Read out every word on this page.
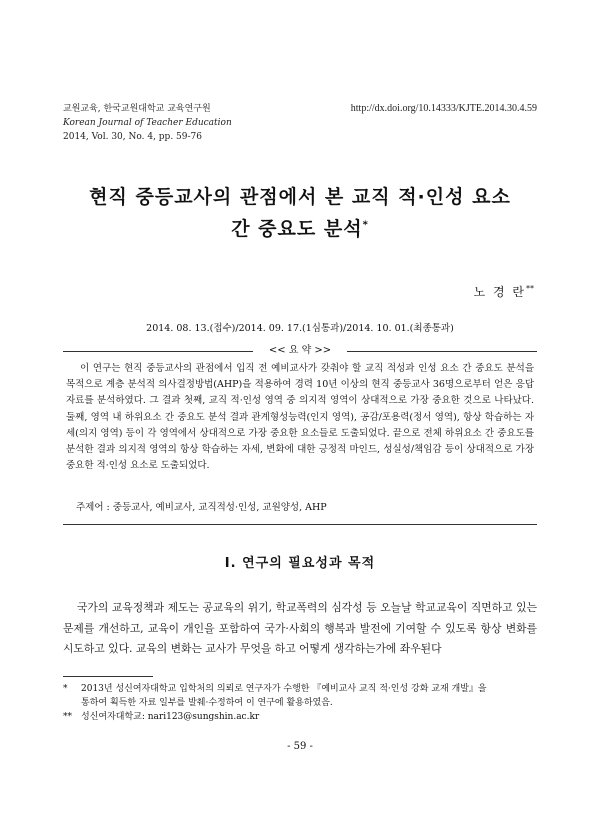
교원교육, 한국교원대학교 교육연구원
Korean Journal of Teacher Education
2014, Vol. 30, No. 4, pp. 59-76
http://dx.doi.org/10.14333/KJTE.2014.30.4.59
현직 중등교사의 관점에서 본 교직 적·인성 요소
간 중요도 분석*
노 경 란**
2014. 08. 13.(접수)/2014. 09. 17.(1심통과)/2014. 10. 01.(최종통과)
<< 요 약 >>

이 연구는 현직 중등교사의 관점에서 입직 전 예비교사가 갖춰야 할 교직 적성과 인성 요소 간 중요도 분석을 목적으로 계층 분석적 의사결정방법(AHP)을 적용하여 경력 10년 이상의 현직 중등교사 36명으로부터 얻은 응답 자료를 분석하였다. 그 결과 첫째, 교직 적·인성 영역 중 의지적 영역이 상대적으로 가장 중요한 것으로 나타났다. 둘째, 영역 내 하위요소 간 중요도 분석 결과 관계형성능력(인지 영역), 공감/포용력(정서 영역), 항상 학습하는 자세(의지 영역) 등이 각 영역에서 상대적으로 가장 중요한 요소들로 도출되었다. 끝으로 전체 하위요소 간 중요도를 분석한 결과 의지적 영역의 항상 학습하는 자세, 변화에 대한 긍정적 마인드, 성실성/책임감 등이 상대적으로 가장 중요한 적·인성 요소로 도출되었다.

주제어 : 중등교사, 예비교사, 교직적성·인성, 교원양성, AHP
Ⅰ. 연구의 필요성과 목적

국가의 교육정책과 제도는 공교육의 위기, 학교폭력의 심각성 등 오늘날 학교교육이 직면하고 있는 문제를 개선하고, 교육이 개인을 포함하여 국가·사회의 행복과 발전에 기여할 수 있도록 항상 변화를 시도하고 있다. 교육의 변화는 교사가 무엇을 하고 어떻게 생각하는가에 좌우된다

* 2013년 성신여자대학교 입학처의 의뢰로 연구자가 수행한 『예비교사 교직 적·인성 강화 교재 개발』을
통하여 획득한 자료 일부를 발췌·수정하여 이 연구에 활용하였음.
** 성신여자대학교: nari123@sungshin.ac.kr
- 59 -
